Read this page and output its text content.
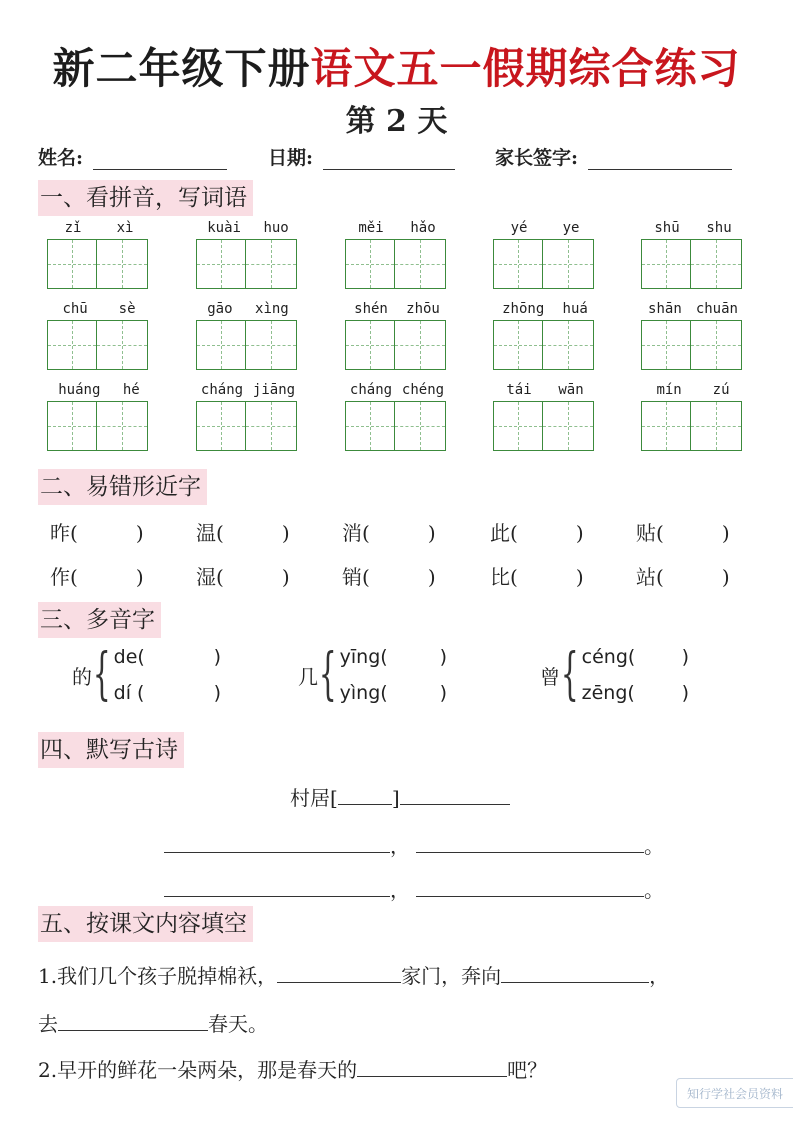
新二年级下册语文五一假期综合练习
第 2 天
姓名:	日期:	家长签字:
一、看拼音，写词语
zǐ	xì	kuài huo	měi hǎo	yé	ye	shū shu
chū sè	gāo xìng	shén zhōu	zhōng huá	shān chuān
huáng hé	cháng jiāng	cháng chéng	tái wān	mín zú
二、易错形近字
昨(	)	温(	)	消(	)	此(	)	贴(	)
作(	)	湿(	)	销(	)	比(	)	站(	)
三、多音字
的 { de(	)
dí (	)
几 { yīng(	)
yìng(	)
曾 { céng( )
zēng( )
四、默写古诗
村居[	]
，	。
，	。
五、按课文内容填空
1.我们几个孩子脱掉棉袄，	家门，奔向	，
去	春天。
2.早开的鲜花一朵两朵，那是春天的	吧？
知行学社会员资料
